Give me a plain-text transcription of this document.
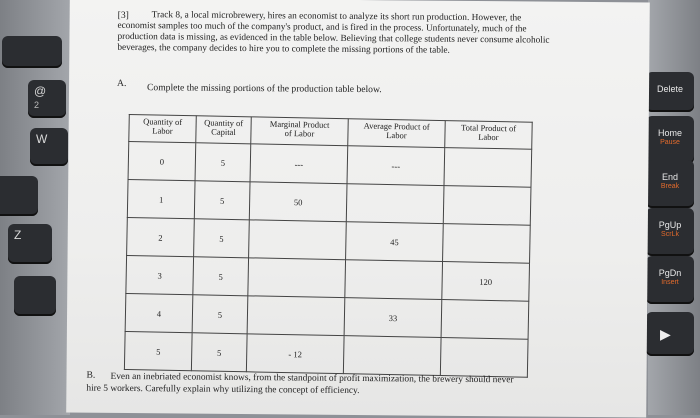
@
2
W
Z
Delete
Home
Pause
End
Break
PgUp
ScrLk
PgDn
Insert
▶
[3] Track 8, a local microbrewery, hires an economist to analyze its short run production. However, the
economist samples too much of the company's product, and is fired in the process. Unfortunately, much of the
production data is missing, as evidenced in the table below. Believing that college students never consume alcoholic
beverages, the company decides to hire you to complete the missing portions of the table.
A. Complete the missing portions of the production table below.
Quantity of
Labor	Quantity of
Capital	Marginal Product
of Labor	Average Product of
Labor	Total Product of
Labor
0	5	---	---	
1	5	50		
2	5		45	
3	5			120
4	5		33	
5	5	- 12		
B. Even an inebriated economist knows, from the standpoint of profit maximization, the brewery should never
hire 5 workers. Carefully explain why utilizing the concept of efficiency.
